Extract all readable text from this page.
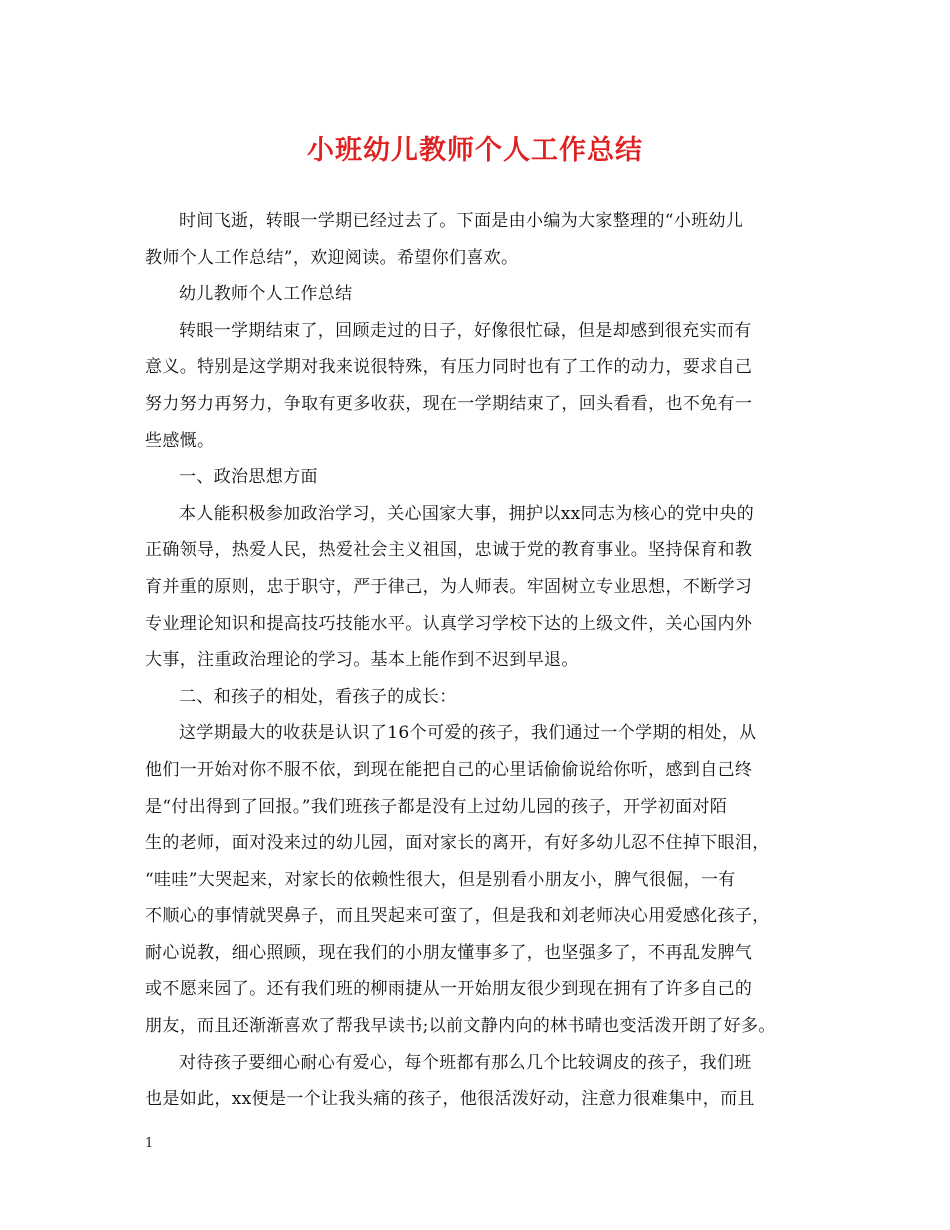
小班幼儿教师个人工作总结
时间飞逝，转眼一学期已经过去了。下面是由小编为大家整理的“小班幼儿
教师个人工作总结”，欢迎阅读。希望你们喜欢。
幼儿教师个人工作总结
转眼一学期结束了，回顾走过的日子，好像很忙碌，但是却感到很充实而有
意义。特别是这学期对我来说很特殊，有压力同时也有了工作的动力，要求自己
努力努力再努力，争取有更多收获，现在一学期结束了，回头看看，也不免有一
些感慨。
一、政治思想方面
本人能积极参加政治学习，关心国家大事，拥护以xx同志为核心的党中央的
正确领导，热爱人民，热爱社会主义祖国，忠诚于党的教育事业。坚持保育和教
育并重的原则，忠于职守，严于律己，为人师表。牢固树立专业思想，不断学习
专业理论知识和提高技巧技能水平。认真学习学校下达的上级文件，关心国内外
大事，注重政治理论的学习。基本上能作到不迟到早退。
二、和孩子的相处，看孩子的成长：
这学期最大的收获是认识了16个可爱的孩子，我们通过一个学期的相处，从
他们一开始对你不服不依，到现在能把自己的心里话偷偷说给你听，感到自己终
是“付出得到了回报。”我们班孩子都是没有上过幼儿园的孩子，开学初面对陌
生的老师，面对没来过的幼儿园，面对家长的离开，有好多幼儿忍不住掉下眼泪，
“哇哇”大哭起来，对家长的依赖性很大，但是别看小朋友小，脾气很倔，一有
不顺心的事情就哭鼻子，而且哭起来可蛮了，但是我和刘老师决心用爱感化孩子，
耐心说教，细心照顾，现在我们的小朋友懂事多了，也坚强多了，不再乱发脾气
或不愿来园了。还有我们班的柳雨捷从一开始朋友很少到现在拥有了许多自己的
朋友，而且还渐渐喜欢了帮我早读书;以前文静内向的林书晴也变活泼开朗了好多。
对待孩子要细心耐心有爱心，每个班都有那么几个比较调皮的孩子，我们班
也是如此，xx便是一个让我头痛的孩子，他很活泼好动，注意力很难集中，而且
1
